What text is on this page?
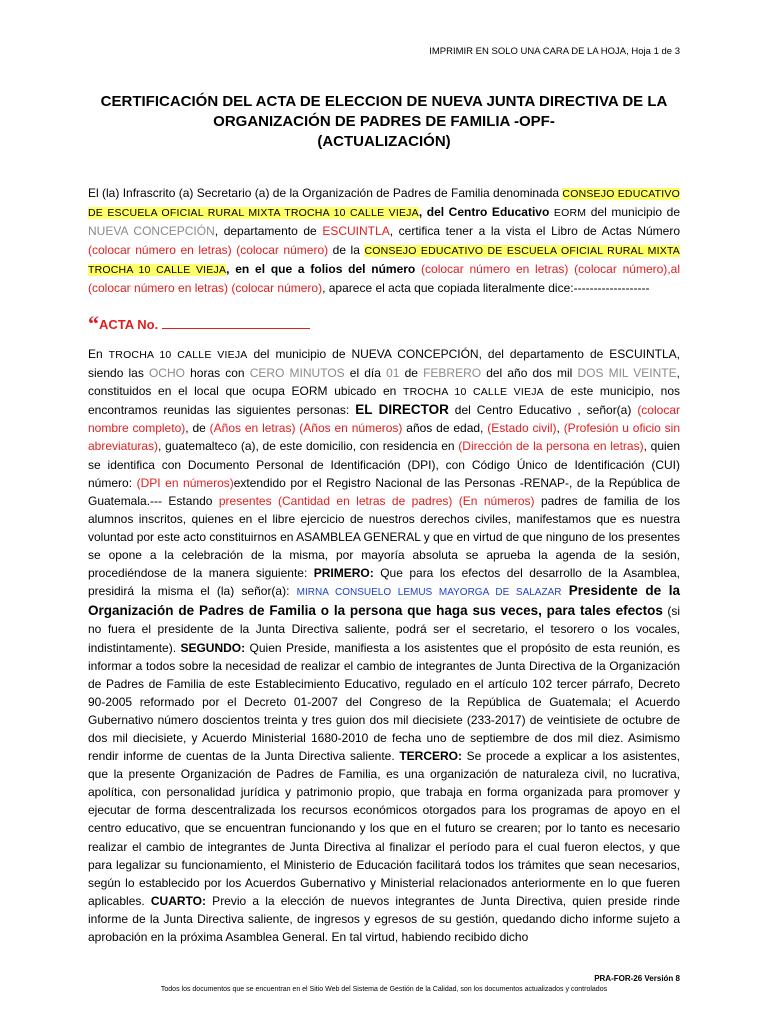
IMPRIMIR EN SOLO UNA CARA DE LA HOJA, Hoja 1 de 3
CERTIFICACIÓN DEL ACTA DE ELECCION DE NUEVA JUNTA DIRECTIVA DE LA
ORGANIZACIÓN DE PADRES DE FAMILIA -OPF-
(ACTUALIZACIÓN)
El (la) Infrascrito (a) Secretario (a) de la Organización de Padres de Familia denominada CONSEJO EDUCATIVO DE ESCUELA OFICIAL RURAL MIXTA TROCHA 10 CALLE VIEJA, del Centro Educativo EORM del municipio de NUEVA CONCEPCIÓN, departamento de ESCUINTLA, certifica tener a la vista el Libro de Actas Número (colocar número en letras) (colocar número) de la CONSEJO EDUCATIVO DE ESCUELA OFICIAL RURAL MIXTA TROCHA 10 CALLE VIEJA, en el que a folios del número (colocar número en letras) (colocar número),al (colocar número en letras) (colocar número), aparece el acta que copiada literalmente dice:-------------------
“ACTA No.
En TROCHA 10 CALLE VIEJA del municipio de NUEVA CONCEPCIÓN, del departamento de ESCUINTLA, siendo las OCHO horas con CERO MINUTOS el día 01 de FEBRERO del año dos mil DOS MIL VEINTE, constituidos en el local que ocupa EORM ubicado en TROCHA 10 CALLE VIEJA de este municipio, nos encontramos reunidas las siguientes personas: EL DIRECTOR del Centro Educativo , señor(a) (colocar nombre completo), de (Años en letras) (Años en números) años de edad, (Estado civil), (Profesión u oficio sin abreviaturas), guatemalteco (a), de este domicilio, con residencia en (Dirección de la persona en letras), quien se identifica con Documento Personal de Identificación (DPI), con Código Único de Identificación (CUI) número: (DPI en números)extendido por el Registro Nacional de las Personas -RENAP-, de la República de Guatemala.--- Estando presentes (Cantidad en letras de padres) (En números) padres de familia de los alumnos inscritos, quienes en el libre ejercicio de nuestros derechos civiles, manifestamos que es nuestra voluntad por este acto constituirnos en ASAMBLEA GENERAL y que en virtud de que ninguno de los presentes se opone a la celebración de la misma, por mayoría absoluta se aprueba la agenda de la sesión, procediéndose de la manera siguiente: PRIMERO: Que para los efectos del desarrollo de la Asamblea, presidirá la misma el (la) señor(a): MIRNA CONSUELO LEMUS MAYORGA DE SALAZAR Presidente de la Organización de Padres de Familia o la persona que haga sus veces, para tales efectos (si no fuera el presidente de la Junta Directiva saliente, podrá ser el secretario, el tesorero o los vocales, indistintamente). SEGUNDO: Quien Preside, manifiesta a los asistentes que el propósito de esta reunión, es informar a todos sobre la necesidad de realizar el cambio de integrantes de Junta Directiva de la Organización de Padres de Familia de este Establecimiento Educativo, regulado en el artículo 102 tercer párrafo, Decreto 90-2005 reformado por el Decreto 01-2007 del Congreso de la República de Guatemala; el Acuerdo Gubernativo número doscientos treinta y tres guion dos mil diecisiete (233-2017) de veintisiete de octubre de dos mil diecisiete, y Acuerdo Ministerial 1680-2010 de fecha uno de septiembre de dos mil diez. Asimismo rendir informe de cuentas de la Junta Directiva saliente. TERCERO: Se procede a explicar a los asistentes, que la presente Organización de Padres de Familia, es una organización de naturaleza civil, no lucrativa, apolítica, con personalidad jurídica y patrimonio propio, que trabaja en forma organizada para promover y ejecutar de forma descentralizada los recursos económicos otorgados para los programas de apoyo en el centro educativo, que se encuentran funcionando y los que en el futuro se crearen; por lo tanto es necesario realizar el cambio de integrantes de Junta Directiva al finalizar el período para el cual fueron electos, y que para legalizar su funcionamiento, el Ministerio de Educación facilitará todos los trámites que sean necesarios, según lo establecido por los Acuerdos Gubernativo y Ministerial relacionados anteriormente en lo que fueren aplicables. CUARTO: Previo a la elección de nuevos integrantes de Junta Directiva, quien preside rinde informe de la Junta Directiva saliente, de ingresos y egresos de su gestión, quedando dicho informe sujeto a aprobación en la próxima Asamblea General. En tal virtud, habiendo recibido dicho
PRA-FOR-26 Versión 8
Todos los documentos que se encuentran en el Sitio Web del Sistema de Gestión de la Calidad, son los documentos actualizados y controlados
